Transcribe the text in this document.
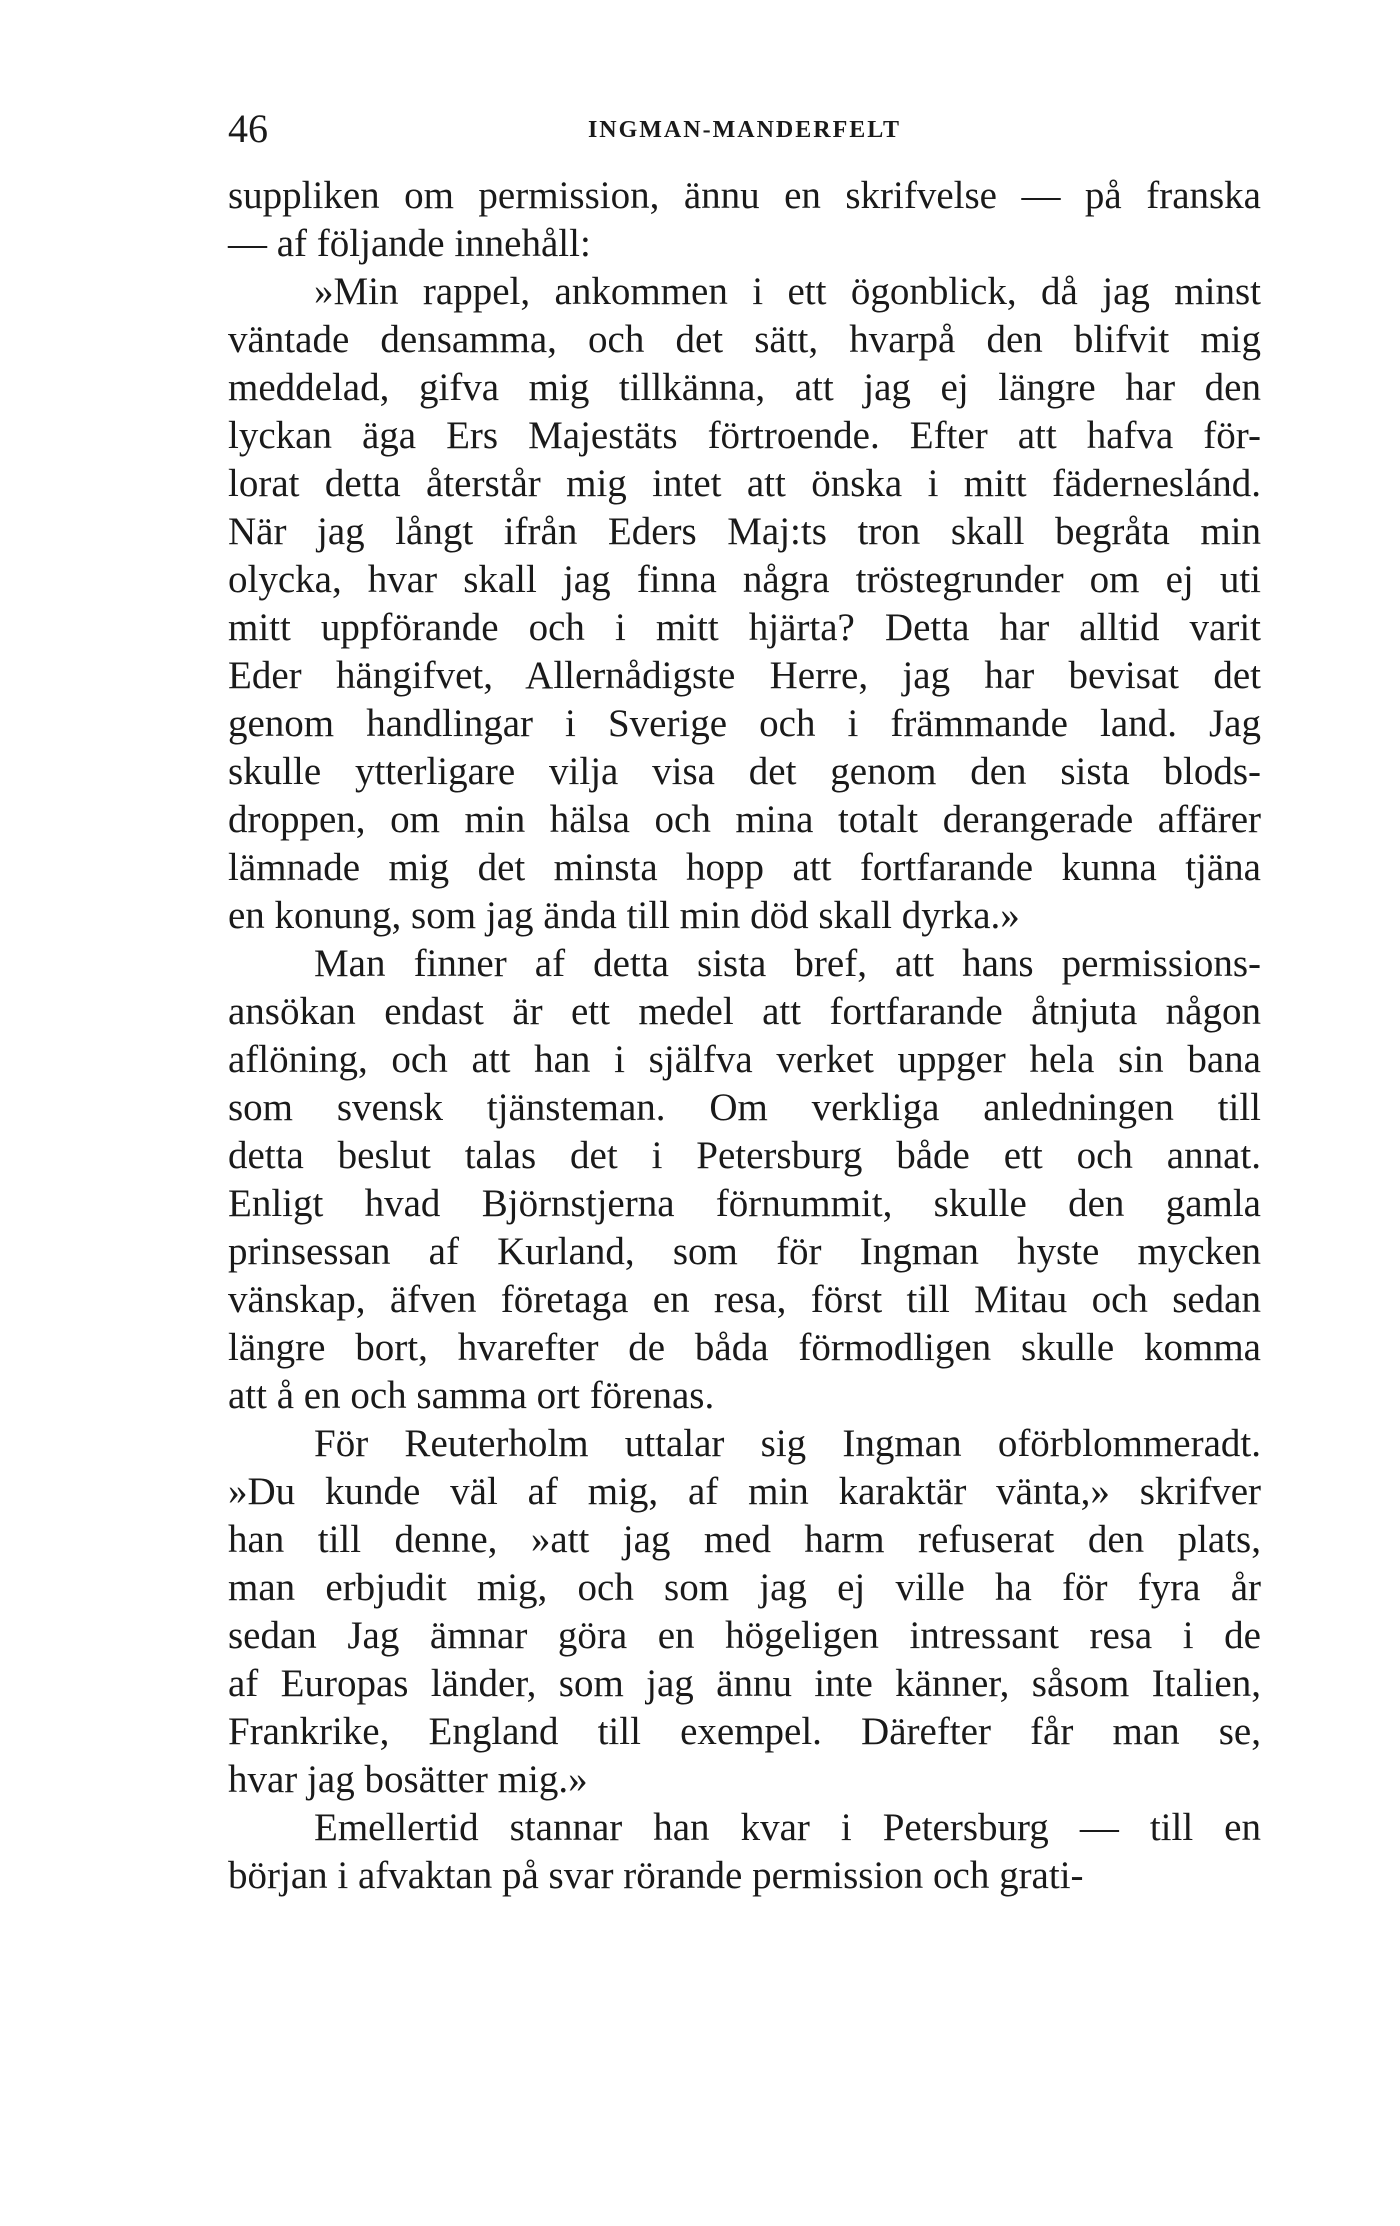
46	INGMAN-MANDERFELT
suppliken om permission, ännu en skrifvelse — på franska
— af följande innehåll:
»Min rappel, ankommen i ett ögonblick, då jag minst
väntade densamma, och det sätt, hvarpå den blifvit mig
meddelad, gifva mig tillkänna, att jag ej längre har den
lyckan äga Ers Majestäts förtroende. Efter att hafva för-
lorat detta återstår mig intet att önska i mitt fäderneslánd.
När jag långt ifrån Eders Maj:ts tron skall begråta min
olycka, hvar skall jag finna några tröstegrunder om ej uti
mitt uppförande och i mitt hjärta? Detta har alltid varit
Eder hängifvet, Allernådigste Herre, jag har bevisat det
genom handlingar i Sverige och i främmande land. Jag
skulle ytterligare vilja visa det genom den sista blods-
droppen, om min hälsa och mina totalt derangerade affärer
lämnade mig det minsta hopp att fortfarande kunna tjäna
en konung, som jag ända till min död skall dyrka.»
Man finner af detta sista bref, att hans permissions-
ansökan endast är ett medel att fortfarande åtnjuta någon
aflöning, och att han i själfva verket uppger hela sin bana
som svensk tjänsteman. Om verkliga anledningen till
detta beslut talas det i Petersburg både ett och annat.
Enligt hvad Björnstjerna förnummit, skulle den gamla
prinsessan af Kurland, som för Ingman hyste mycken
vänskap, äfven företaga en resa, först till Mitau och sedan
längre bort, hvarefter de båda förmodligen skulle komma
att å en och samma ort förenas.
För Reuterholm uttalar sig Ingman oförblommeradt.
»Du kunde väl af mig, af min karaktär vänta,» skrifver
han till denne, »att jag med harm refuserat den plats,
man erbjudit mig, och som jag ej ville ha för fyra år
sedan Jag ämnar göra en högeligen intressant resa i de
af Europas länder, som jag ännu inte känner, såsom Italien,
Frankrike, England till exempel. Därefter får man se,
hvar jag bosätter mig.»
Emellertid stannar han kvar i Petersburg — till en
början i afvaktan på svar rörande permission och grati-
